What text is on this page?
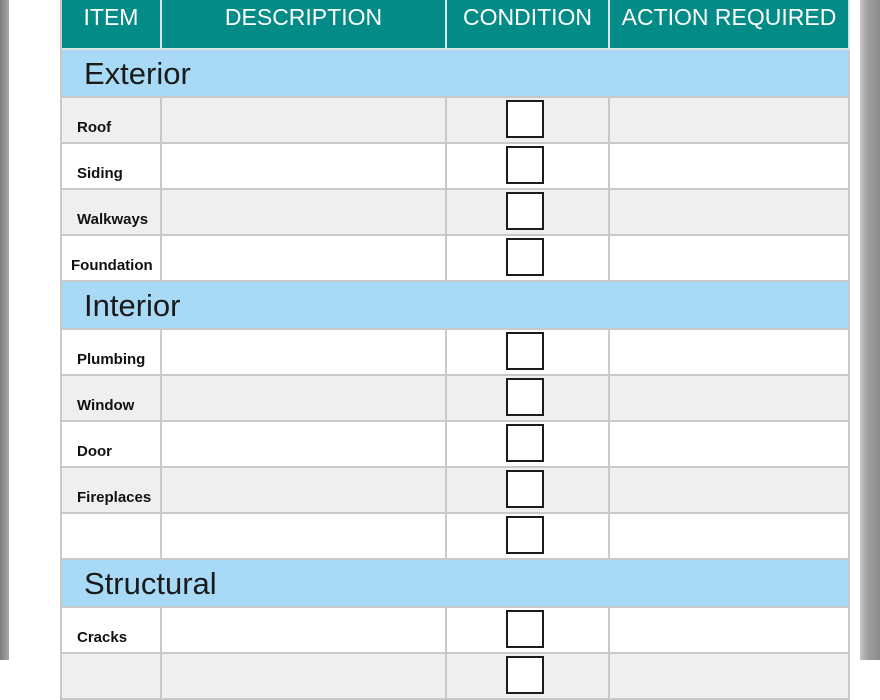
ITEM	DESCRIPTION	CONDITION	ACTION REQUIRED
Exterior
Roof
Siding
Walkways
Foundation
Interior
Plumbing
Window
Door
Fireplaces
Structural
Cracks
